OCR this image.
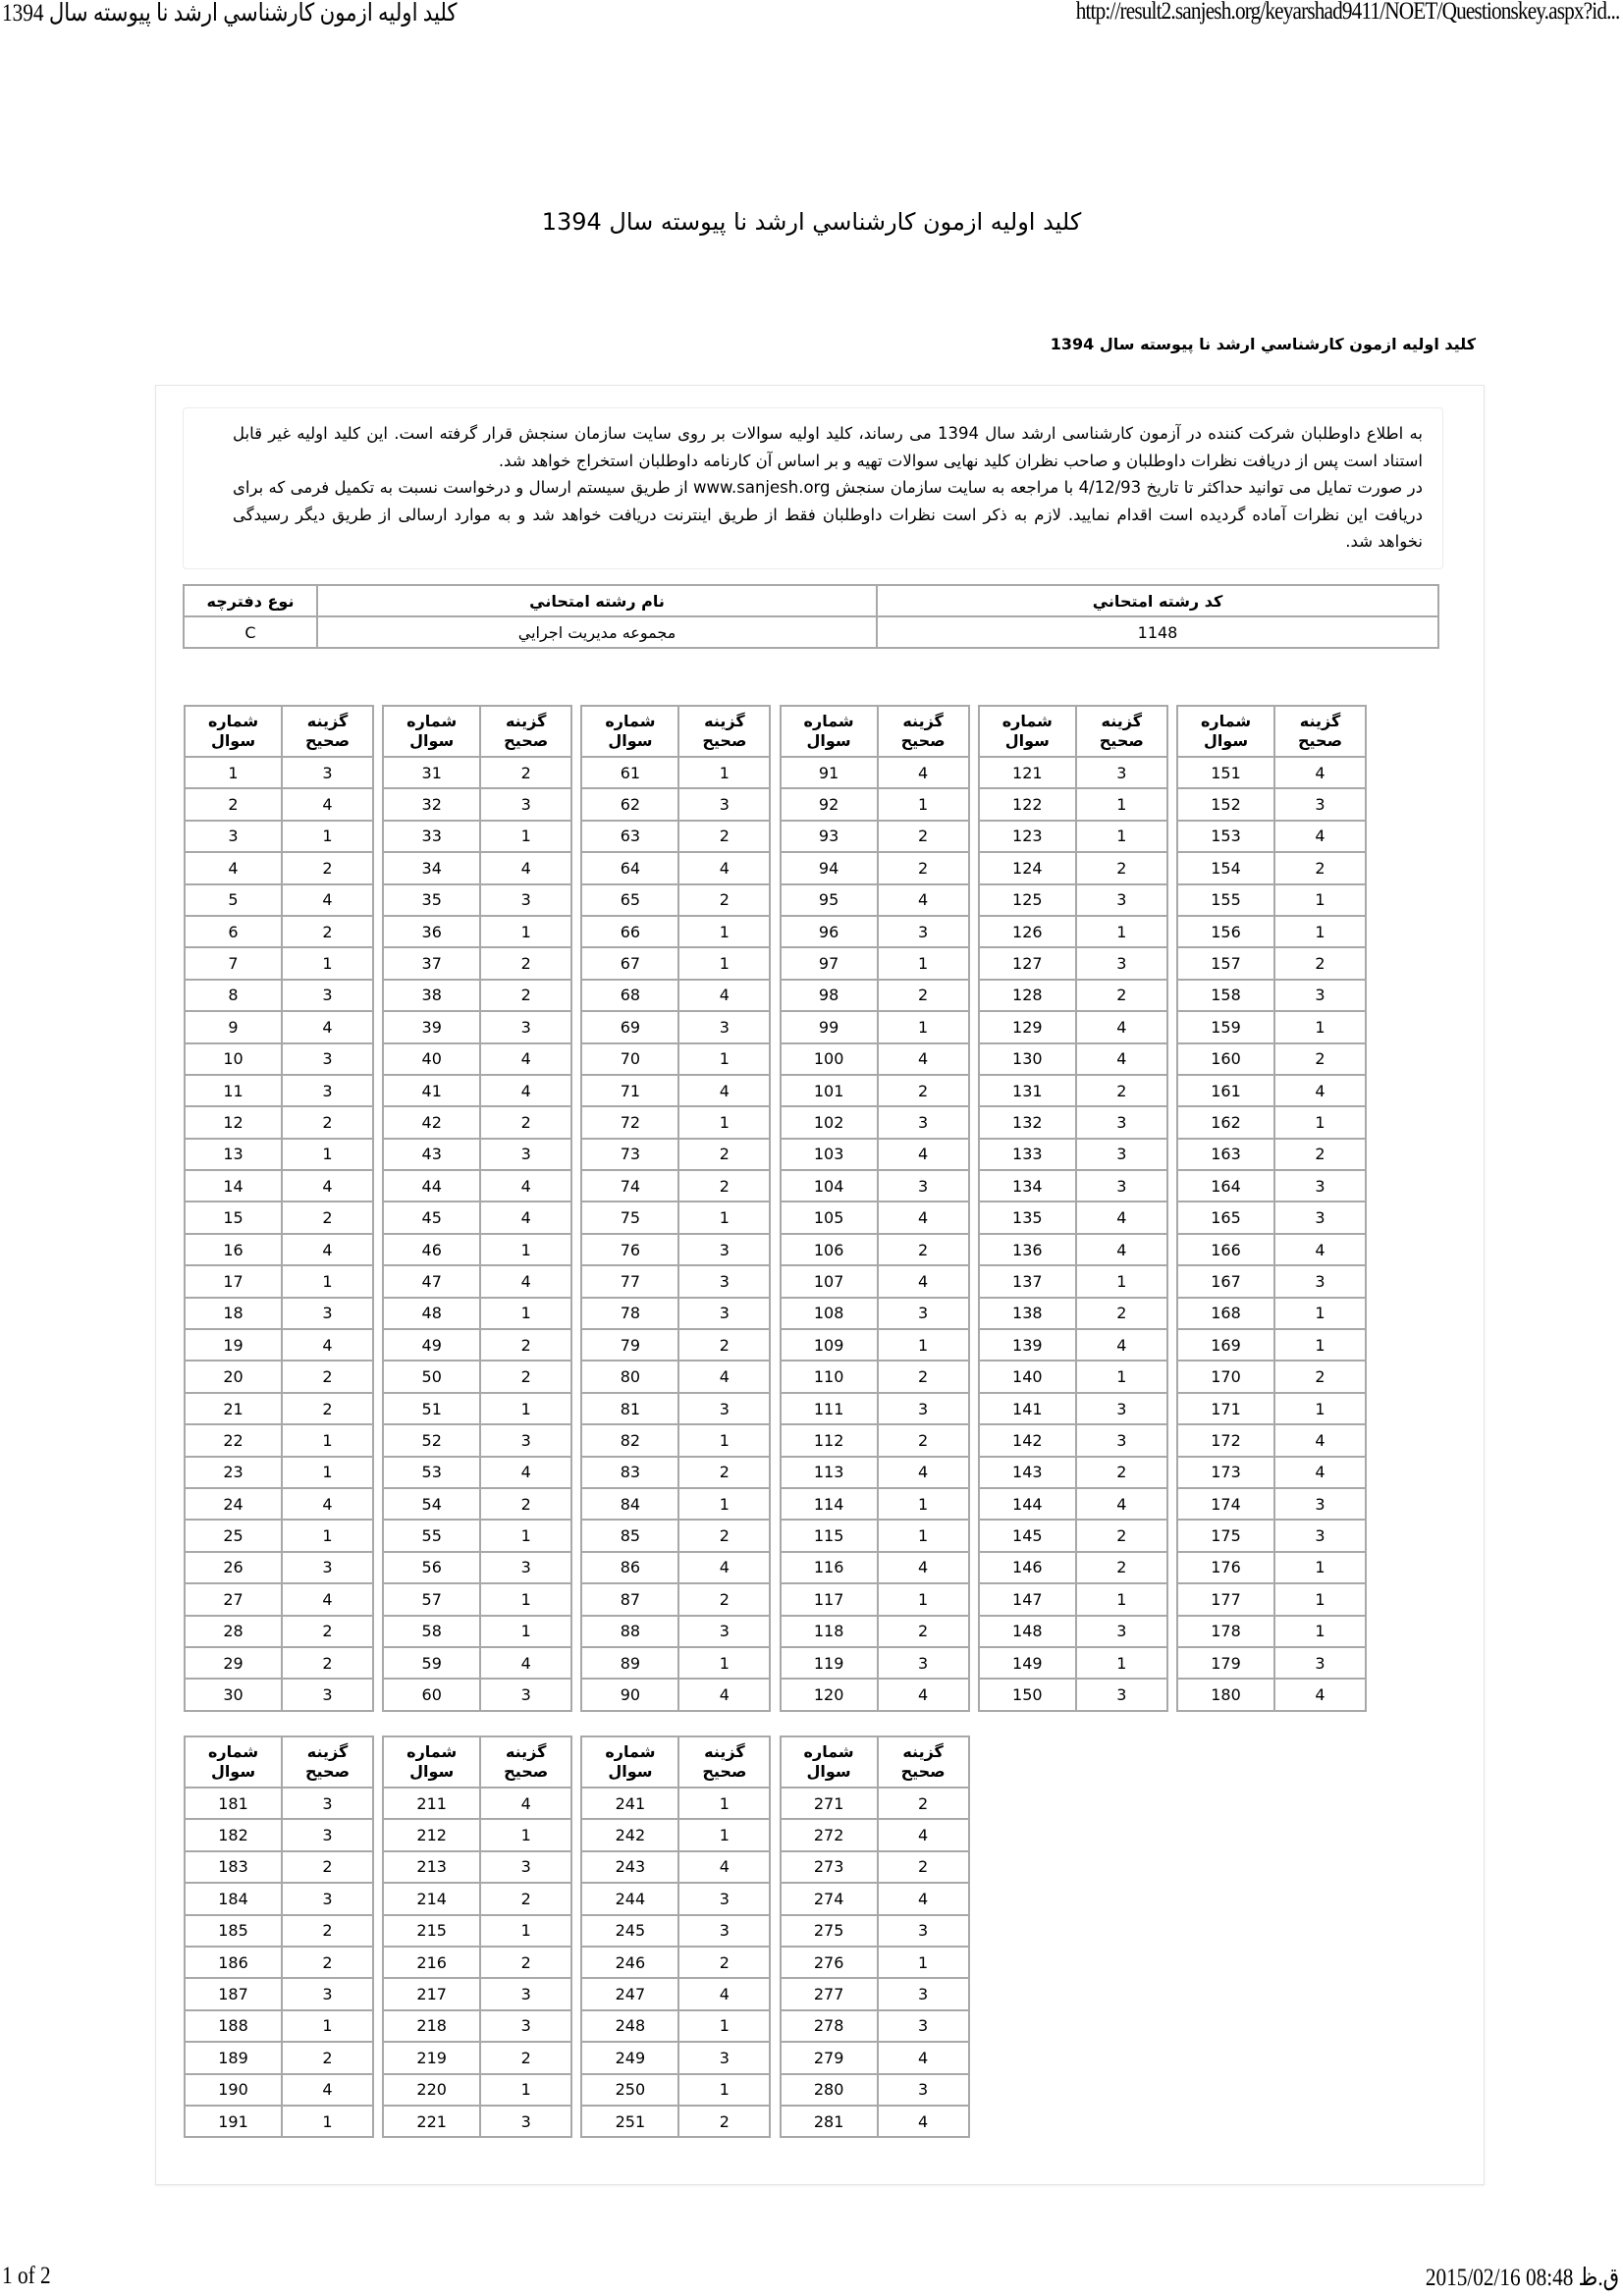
كليد اوليه ازمون كارشناسي ارشد نا پيوسته سال 1394	http://result2.sanjesh.org/keyarshad9411/NOET/Questionskey.aspx?id...
كليد اوليه ازمون كارشناسي ارشد نا پيوسته سال 1394
كليد اوليه ازمون كارشناسي ارشد نا پيوسته سال 1394

به اطلاع داوطلبان شرکت کننده در آزمون کارشناسی ارشد سال 1394 می رساند، کلید اولیه سوالات بر روی سایت سازمان سنجش قرار گرفته است. این کلید اولیه غیر قابل استناد است پس از دریافت نظرات داوطلبان و صاحب نظران کلید نهایی سوالات تهیه و بر اساس آن کارنامه داوطلبان استخراج خواهد شد.

در صورت تمایل می توانید حداکثر تا تاریخ 4/12/93 با مراجعه به سایت سازمان سنجش www.sanjesh.org از طریق سیستم ارسال و درخواست نسبت به تکمیل فرمی که برای دریافت این نظرات آماده گردیده است اقدام نمایید. لازم به ذکر است نظرات داوطلبان فقط از طریق اینترنت دریافت خواهد شد و به موارد ارسالی از طریق دیگر رسیدگی نخواهد شد.

كد رشته امتحاني	نام رشته امتحاني	نوع دفترچه
1148	مجموعه مديريت اجرايي	C
گزينه
صحيح	شماره
سوال
3	1
4	2
1	3
2	4
4	5
2	6
1	7
3	8
4	9
3	10
3	11
2	12
1	13
4	14
2	15
4	16
1	17
3	18
4	19
2	20
2	21
1	22
1	23
4	24
1	25
3	26
4	27
2	28
2	29
3	30
گزينه
صحيح	شماره
سوال
2	31
3	32
1	33
4	34
3	35
1	36
2	37
2	38
3	39
4	40
4	41
2	42
3	43
4	44
4	45
1	46
4	47
1	48
2	49
2	50
1	51
3	52
4	53
2	54
1	55
3	56
1	57
1	58
4	59
3	60
گزينه
صحيح	شماره
سوال
1	61
3	62
2	63
4	64
2	65
1	66
1	67
4	68
3	69
1	70
4	71
1	72
2	73
2	74
1	75
3	76
3	77
3	78
2	79
4	80
3	81
1	82
2	83
1	84
2	85
4	86
2	87
3	88
1	89
4	90
گزينه
صحيح	شماره
سوال
4	91
1	92
2	93
2	94
4	95
3	96
1	97
2	98
1	99
4	100
2	101
3	102
4	103
3	104
4	105
2	106
4	107
3	108
1	109
2	110
3	111
2	112
4	113
1	114
1	115
4	116
1	117
2	118
3	119
4	120
گزينه
صحيح	شماره
سوال
3	121
1	122
1	123
2	124
3	125
1	126
3	127
2	128
4	129
4	130
2	131
3	132
3	133
3	134
4	135
4	136
1	137
2	138
4	139
1	140
3	141
3	142
2	143
4	144
2	145
2	146
1	147
3	148
1	149
3	150
گزينه
صحيح	شماره
سوال
4	151
3	152
4	153
2	154
1	155
1	156
2	157
3	158
1	159
2	160
4	161
1	162
2	163
3	164
3	165
4	166
3	167
1	168
1	169
2	170
1	171
4	172
4	173
3	174
3	175
1	176
1	177
1	178
3	179
4	180
گزينه
صحيح	شماره
سوال
3	181
3	182
2	183
3	184
2	185
2	186
3	187
1	188
2	189
4	190
1	191
گزينه
صحيح	شماره
سوال
4	211
1	212
3	213
2	214
1	215
2	216
3	217
3	218
2	219
1	220
3	221
گزينه
صحيح	شماره
سوال
1	241
1	242
4	243
3	244
3	245
2	246
4	247
1	248
3	249
1	250
2	251
گزينه
صحيح	شماره
سوال
2	271
4	272
2	273
4	274
3	275
1	276
3	277
3	278
4	279
3	280
4	281
1 of 2	2015/02/16 08:48 ق.ظ
